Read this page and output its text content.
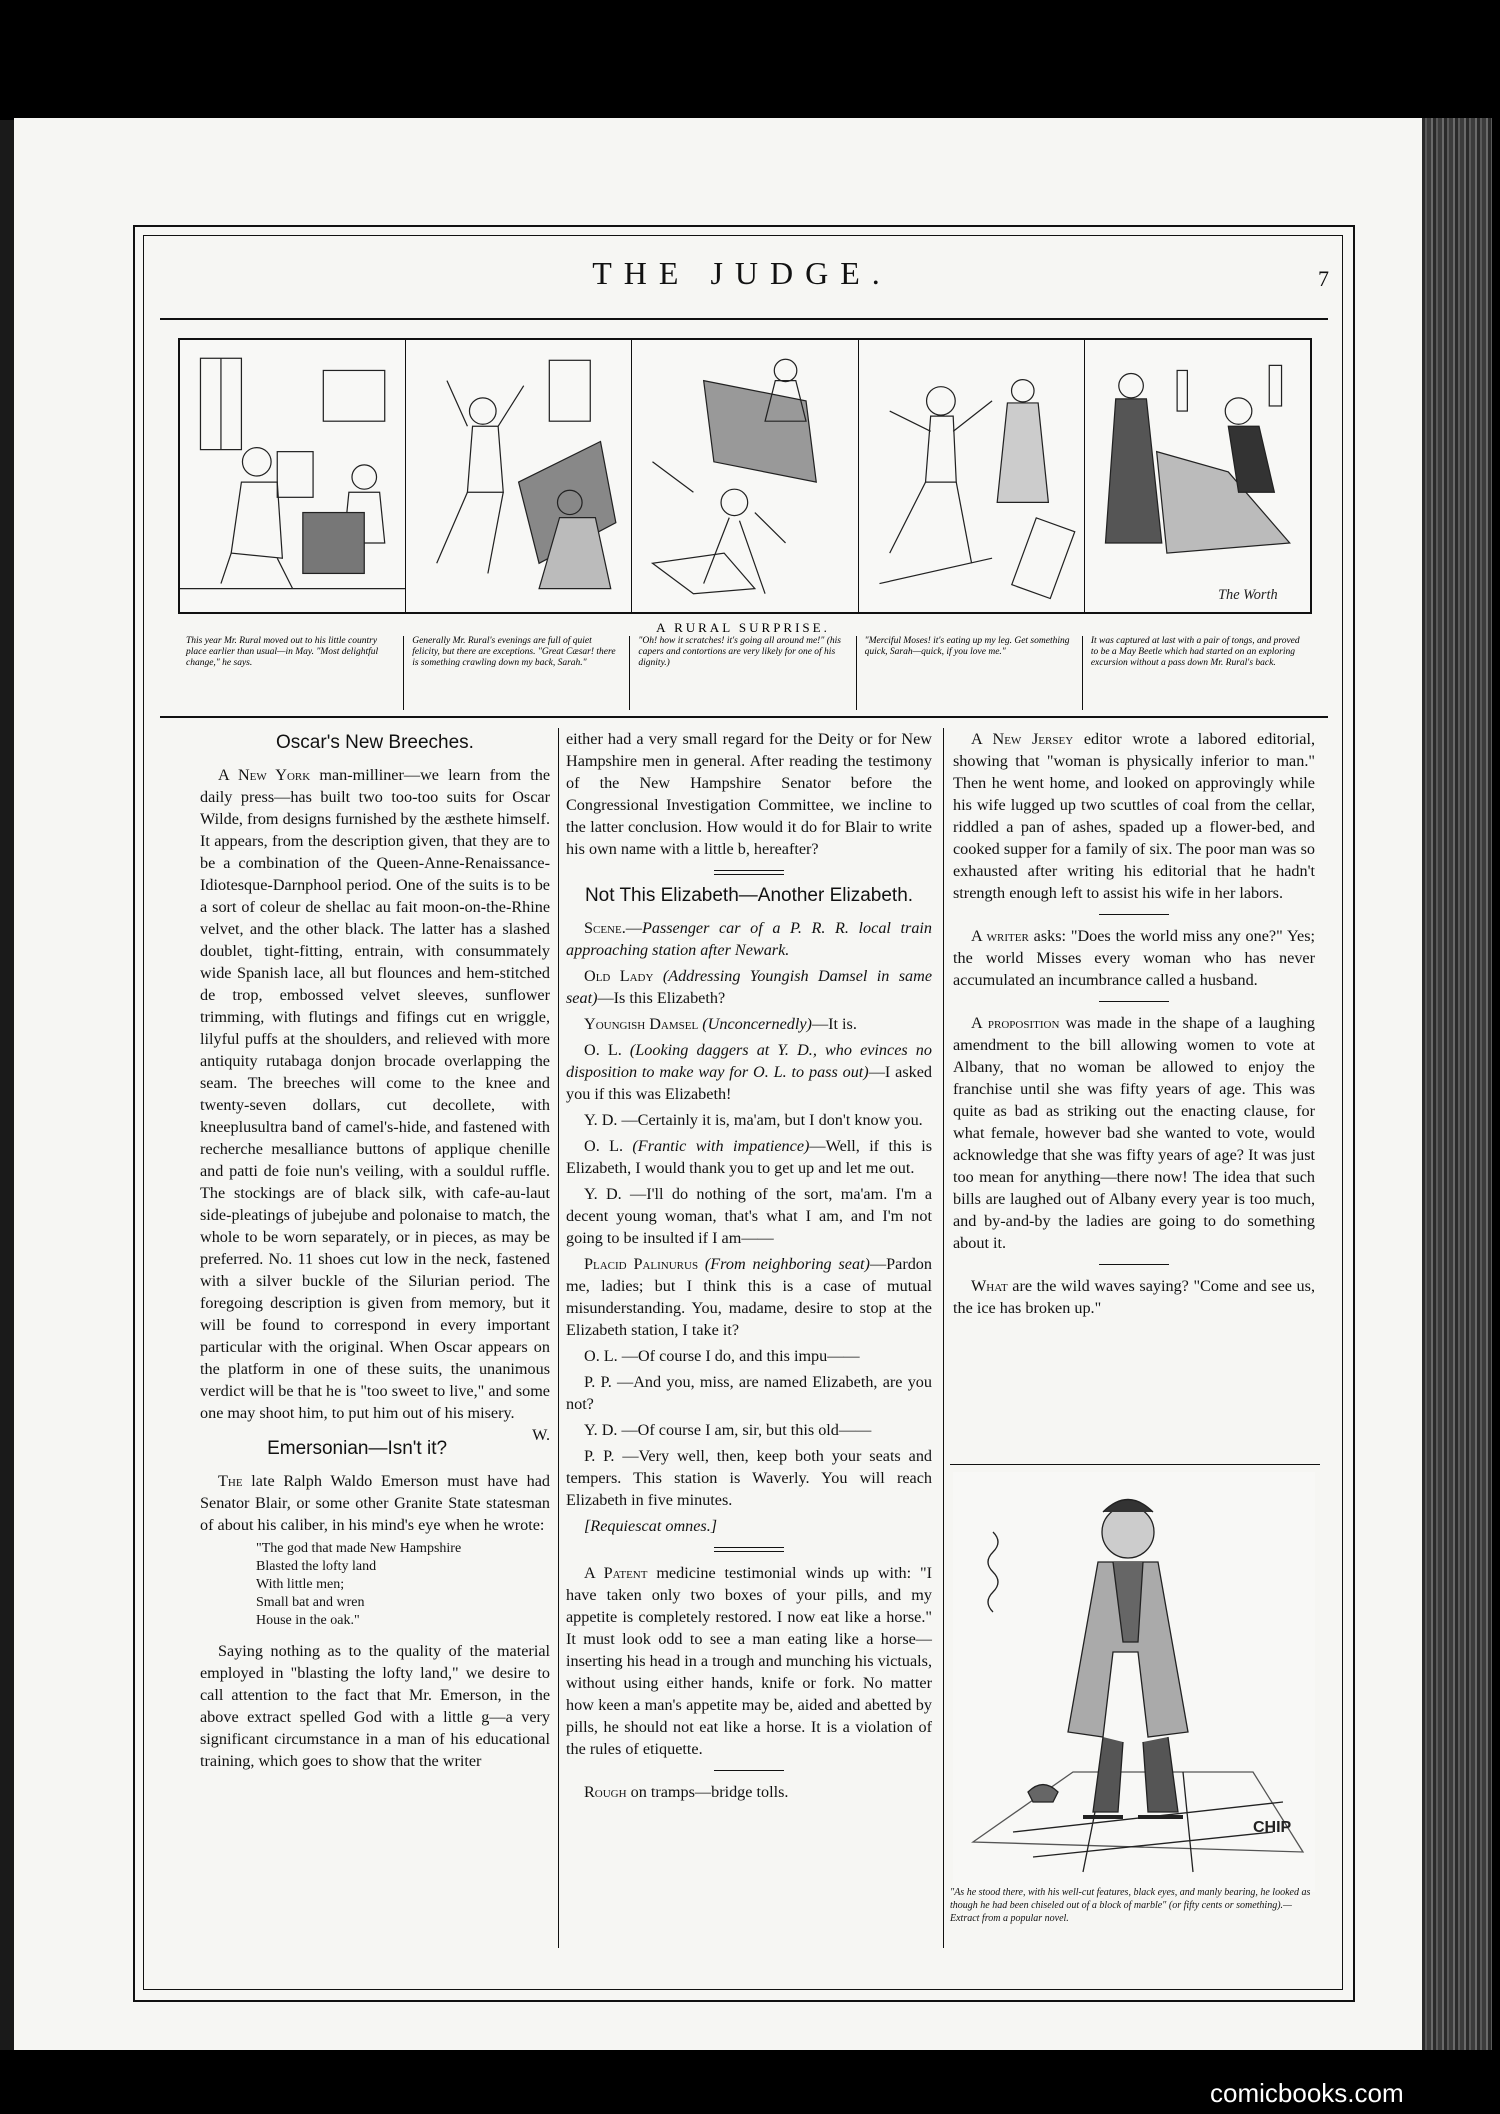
THE JUDGE.	7
The Worth
A RURAL SURPRISE.
This year Mr. Rural moved out to his little country place earlier than usual—in May. "Most delightful change," he says.
Generally Mr. Rural's evenings are full of quiet felicity, but there are exceptions. "Great Cæsar! there is something crawling down my back, Sarah."
"Oh! how it scratches! it's going all around me!" (his capers and contortions are very likely for one of his dignity.)
"Merciful Moses! it's eating up my leg. Get something quick, Sarah—quick, if you love me."
It was captured at last with a pair of tongs, and proved to be a May Beetle which had started on an exploring excursion without a pass down Mr. Rural's back.
Oscar's New Breeches.

A New York man-milliner—we learn from the daily press—has built two too-too suits for Oscar Wilde, from designs furnished by the æsthete himself. It appears, from the description given, that they are to be a combination of the Queen-Anne-Renaissance-Idiotesque-Darnphool period. One of the suits is to be a sort of coleur de shellac au fait moon-on-the-Rhine velvet, and the other black. The latter has a slashed doublet, tight-fitting, entrain, with consummately wide Spanish lace, all but flounces and hem-stitched de trop, embossed velvet sleeves, sunflower trimming, with flutings and fifings cut en wriggle, lilyful puffs at the shoulders, and relieved with more antiquity rutabaga donjon brocade overlapping the seam. The breeches will come to the knee and twenty-seven dollars, cut decollete, with kneeplusultra band of camel's-hide, and fastened with recherche mesalliance buttons of applique chenille and patti de foie nun's veiling, with a souldul ruffle. The stockings are of black silk, with cafe-au-laut side-pleatings of jubejube and polonaise to match, the whole to be worn separately, or in pieces, as may be preferred. No. 11 shoes cut low in the neck, fastened with a silver buckle of the Silurian period. The foregoing description is given from memory, but it will be found to correspond in every important particular with the original. When Oscar appears on the platform in one of these suits, the unanimous verdict will be that he is "too sweet to live," and some one may shoot him, to put him out of his misery.
W.

Emersonian—Isn't it?

The late Ralph Waldo Emerson must have had Senator Blair, or some other Granite State statesman of about his caliber, in his mind's eye when he wrote:

"The god that made New Hampshire
Blasted the lofty land
With little men;
Small bat and wren
House in the oak."

Saying nothing as to the quality of the material employed in "blasting the lofty land," we desire to call attention to the fact that Mr. Emerson, in the above extract spelled God with a little g—a very significant circumstance in a man of his educational training, which goes to show that the writer

either had a very small regard for the Deity or for New Hampshire men in general. After reading the testimony of the New Hampshire Senator before the Congressional Investigation Committee, we incline to the latter conclusion. How would it do for Blair to write his own name with a little b, hereafter?

Not This Elizabeth—Another Elizabeth.

Scene.—Passenger car of a P. R. R. local train approaching station after Newark.

Old Lady (Addressing Youngish Damsel in same seat)—Is this Elizabeth?

Youngish Damsel (Unconcernedly)—It is.

O. L. (Looking daggers at Y. D., who evinces no disposition to make way for O. L. to pass out)—I asked you if this was Elizabeth!

Y. D. —Certainly it is, ma'am, but I don't know you.

O. L. (Frantic with impatience)—Well, if this is Elizabeth, I would thank you to get up and let me out.

Y. D. —I'll do nothing of the sort, ma'am. I'm a decent young woman, that's what I am, and I'm not going to be insulted if I am——

Placid Palinurus (From neighboring seat)—Pardon me, ladies; but I think this is a case of mutual misunderstanding. You, madame, desire to stop at the Elizabeth station, I take it?

O. L. —Of course I do, and this impu——

P. P. —And you, miss, are named Elizabeth, are you not?

Y. D. —Of course I am, sir, but this old——

P. P. —Very well, then, keep both your seats and tempers. This station is Waverly. You will reach Elizabeth in five minutes.

[Requiescat omnes.]

A Patent medicine testimonial winds up with: "I have taken only two boxes of your pills, and my appetite is completely restored. I now eat like a horse." It must look odd to see a man eating like a horse—inserting his head in a trough and munching his victuals, without using either hands, knife or fork. No matter how keen a man's appetite may be, aided and abetted by pills, he should not eat like a horse. It is a violation of the rules of etiquette.

Rough on tramps—bridge tolls.

A New Jersey editor wrote a labored editorial, showing that "woman is physically inferior to man." Then he went home, and looked on approvingly while his wife lugged up two scuttles of coal from the cellar, riddled a pan of ashes, spaded up a flower-bed, and cooked supper for a family of six. The poor man was so exhausted after writing his editorial that he hadn't strength enough left to assist his wife in her labors.

A writer asks: "Does the world miss any one?" Yes; the world Misses every woman who has never accumulated an incumbrance called a husband.

A proposition was made in the shape of a laughing amendment to the bill allowing women to vote at Albany, that no woman be allowed to enjoy the franchise until she was fifty years of age. This was quite as bad as striking out the enacting clause, for what female, however bad she wanted to vote, would acknowledge that she was fifty years of age? It was just too mean for anything—there now! The idea that such bills are laughed out of Albany every year is too much, and by-and-by the ladies are going to do something about it.

What are the wild waves saying? "Come and see us, the ice has broken up."

CHIP
"As he stood there, with his well-cut features, black eyes, and manly bearing, he looked as though he had been chiseled out of a block of marble" (or fifty cents or something).—Extract from a popular novel.
comicbooks.com
